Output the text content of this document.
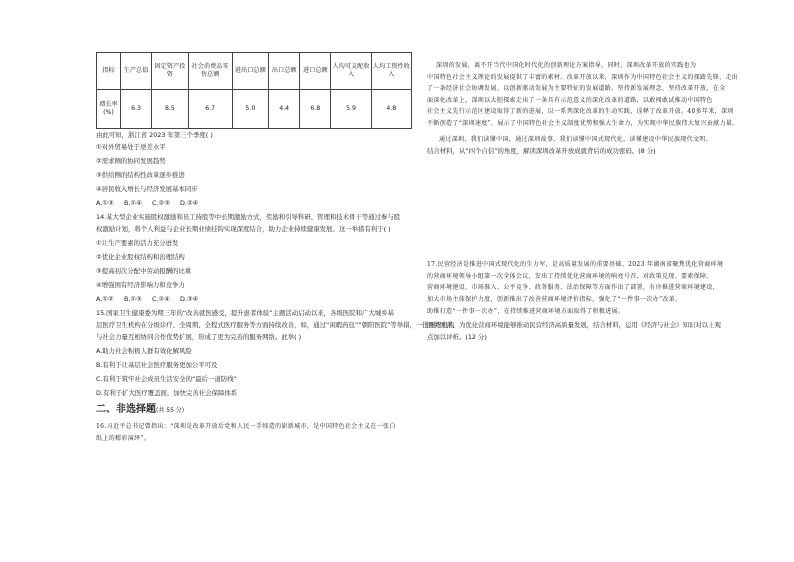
指标	生产总值	固定资产投资	社会消费品零售总额	进出口总额	出口总额	进口总额	人均可支配收入	人均工资性收入
增长率(%)	6.3	8.5	6.7	5.0	4.4	6.8	5.9	4.8

由此可知，浙江省 2023 年第三个季度( )

①对外贸易处于逆差水平

②需求侧的协同发展趋势

③供给侧的结构性改革逐步推进

④居民收入增长与经济发展基本同步

A.①③	B.①④	C.②③	D.②④

14.某大型企业实施股权激励和员工持股等中长期激励方式，奖励和引导科研、管理和技术骨干等通过参与股

权激励计划，将个人利益与企业长期业绩挂钩实现深度结合，助力企业持续健康发展。这一举措有利于( )

①让生产要素的活力充分迸发

②优化企业股权结构和治理结构

③提高初次分配中劳动报酬的比重

④增强国有经济影响力和竞争力

A.①②	B.①③	C.②④	D.③④

15.国家卫生健康委为期三年的“改善就医感受，提升患者体验”主题活动启动以来，各级医院和广大城乡基

层医疗卫生机构在分级诊疗、全周期、全程式医疗服务等方面持续改善，如，通过“闲暇药包”“朝阳医院”等举措，一批医疗机构

与社会力量互相协同合作优势扩展，形成了更为完善的服务网络。此举( )

A.助力社会积极人群有效化解风险

B.有利于让基层社会医疗服务更加公平可及

C.有利于筑牢社会成员生活安全的“最后一道防线”

D.有利于扩大医疗覆盖面，加快完善社会保障体系

二、非选择题(共 55 分)

16.习近平总书记曾指出：“深圳是改革开放后党和人民一手缔造的崭新城市，是中国特色社会主义在一张白

纸上的精彩演绎”。

深圳的发展，离不开当代中国化时代化的创新理论方案指导。同时，深圳改革开放的实践也为

中国特色社会主义理论的发展提供了丰富的素材。改革开放以来，深圳作为中国特色社会主义的探路先锋，走出

了一条经济社会协调发展、以创新驱动发展为主要特征的发展道路。坚持新发展理念，坚持改革开放，在全

面深化改革上，深圳以大胆探索走出了一条具有示范意义的深化改革的道路，以敢闯敢试推动中国特色

社会主义先行示范区建设取得了新的进展，以一系列深化改革的生动实践，诠释了改革开放。40多年来，深圳

不断创造了“深圳速度”，展示了中国特色社会主义制度优势和强大生命力，为实现中华民族伟大复兴贡献力量。

通过深圳，我们读懂中国，通过深圳故事，我们读懂中国式现代化，读懂建设中华民族现代文明。

结合材料，从“四个自信”的角度，解读深圳改革开放成就背后的成功密码。(8 分)

17.民营经济是推进中国式现代化的生力军，是高质量发展的重要基础。2023 年湖南省聚焦优化营商环境

的营商环境领导小组第一次全体会议，发出了持续优化营商环境的响亮号召，对政策兑现、要素保障、

营商环境建设、市场准入、公平竞争、政务服务、法治保障等方面作出了部署，有序推进营商环境建设，

加大市场主体保护力度，创新推出了改善营商环境评价指标，强化了“一件事一次办”改革，

助推打造“一件事一次办”，在持续推进营商环境方面取得了积极进展。

围绕民营、为优化营商环境能够推动民营经济高质量发展，结合材料，运用《经济与社会》知识对以上观

点加以评析。(12 分)
